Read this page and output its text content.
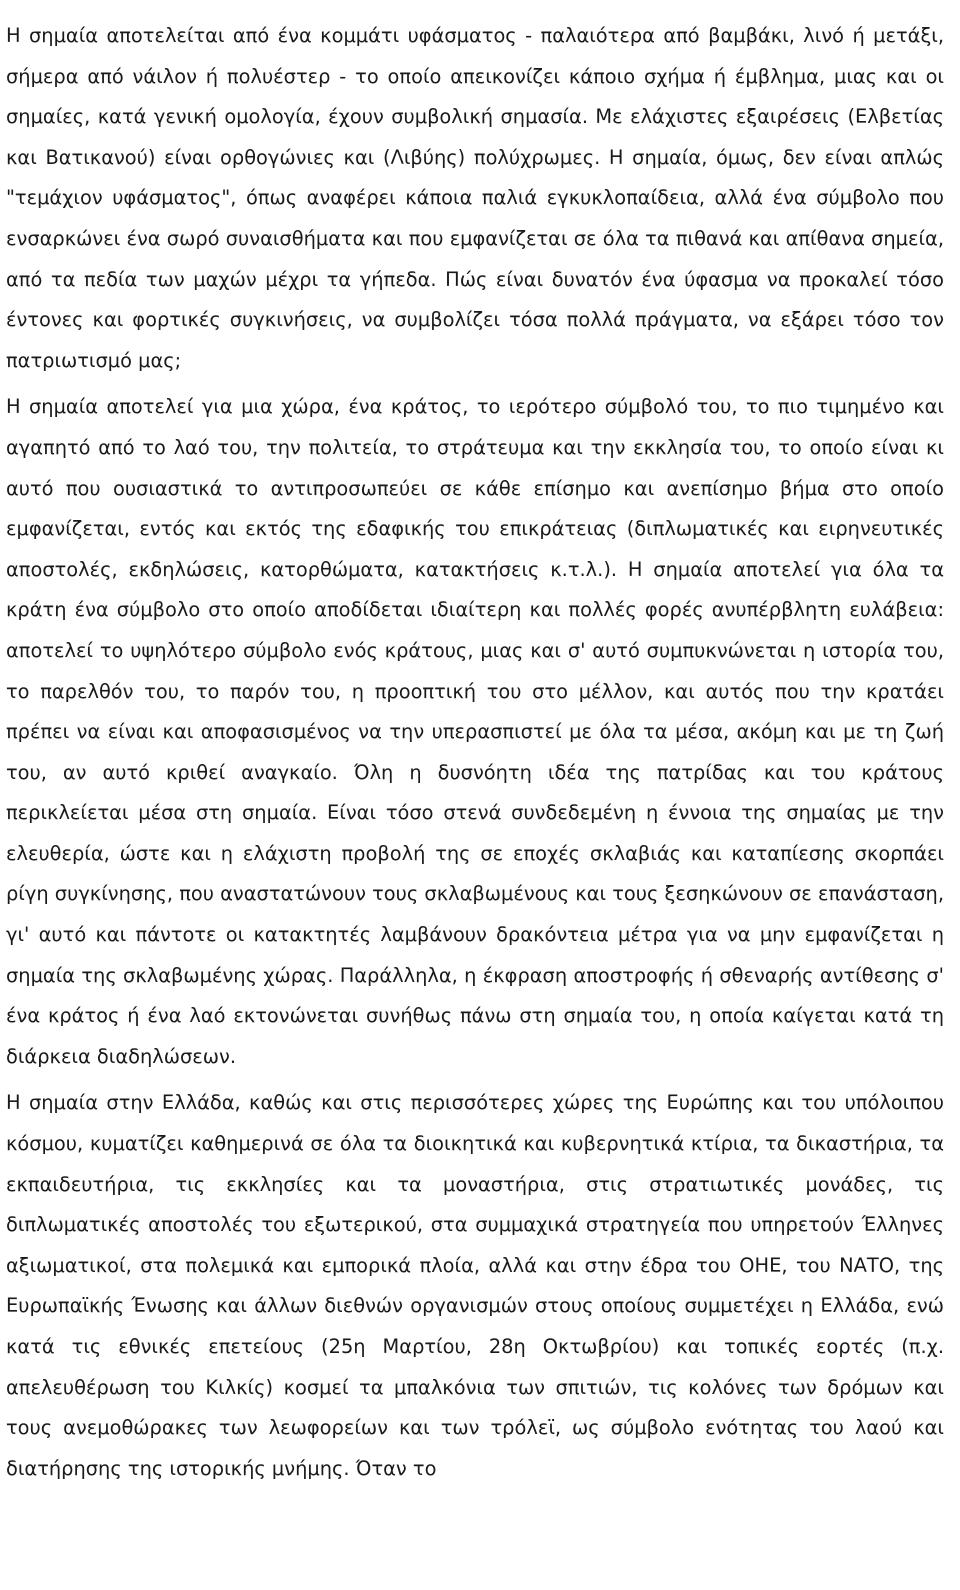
Η σημαία αποτελείται από ένα κομμάτι υφάσματος - παλαιότερα από βαμβάκι, λινό ή μετάξι, σήμερα από νάιλον ή πολυέστερ - το οποίο απεικονίζει κάποιο σχήμα ή έμβλημα, μιας και οι σημαίες, κατά γενική ομολογία, έχουν συμβολική σημασία. Με ελάχιστες εξαιρέσεις (Ελβετίας και Βατικανού) είναι ορθογώνιες και (Λιβύης) πολύχρωμες. Η σημαία, όμως, δεν είναι απλώς "τεμάχιον υφάσματος", όπως αναφέρει κάποια παλιά εγκυκλοπαίδεια, αλλά ένα σύμβολο που ενσαρκώνει ένα σωρό συναισθήματα και που εμφανίζεται σε όλα τα πιθανά και απίθανα σημεία, από τα πεδία των μαχών μέχρι τα γήπεδα. Πώς είναι δυνατόν ένα ύφασμα να προκαλεί τόσο έντονες και φορτικές συγκινήσεις, να συμβολίζει τόσα πολλά πράγματα, να εξάρει τόσο τον πατριωτισμό μας;

Η σημαία αποτελεί για μια χώρα, ένα κράτος, το ιερότερο σύμβολό του, το πιο τιμημένο και αγαπητό από το λαό του, την πολιτεία, το στράτευμα και την εκκλησία του, το οποίο είναι κι αυτό που ουσιαστικά το αντιπροσωπεύει σε κάθε επίσημο και ανεπίσημο βήμα στο οποίο εμφανίζεται, εντός και εκτός της εδαφικής του επικράτειας (διπλωματικές και ειρηνευτικές αποστολές, εκδηλώσεις, κατορθώματα, κατακτήσεις κ.τ.λ.). Η σημαία αποτελεί για όλα τα κράτη ένα σύμβολο στο οποίο αποδίδεται ιδιαίτερη και πολλές φορές ανυπέρβλητη ευλάβεια: αποτελεί το υψηλότερο σύμβολο ενός κράτους, μιας και σ' αυτό συμπυκνώνεται η ιστορία του, το παρελθόν του, το παρόν του, η προοπτική του στο μέλλον, και αυτός που την κρατάει πρέπει να είναι και αποφασισμένος να την υπερασπιστεί με όλα τα μέσα, ακόμη και με τη ζωή του, αν αυτό κριθεί αναγκαίο. Όλη η δυσνόητη ιδέα της πατρίδας και του κράτους περικλείεται μέσα στη σημαία. Είναι τόσο στενά συνδεδεμένη η έννοια της σημαίας με την ελευθερία, ώστε και η ελάχιστη προβολή της σε εποχές σκλαβιάς και καταπίεσης σκορπάει ρίγη συγκίνησης, που αναστατώνουν τους σκλαβωμένους και τους ξεσηκώνουν σε επανάσταση, γι' αυτό και πάντοτε οι κατακτητές λαμβάνουν δρακόντεια μέτρα για να μην εμφανίζεται η σημαία της σκλαβωμένης χώρας. Παράλληλα, η έκφραση αποστροφής ή σθεναρής αντίθεσης σ' ένα κράτος ή ένα λαό εκτονώνεται συνήθως πάνω στη σημαία του, η οποία καίγεται κατά τη διάρκεια διαδηλώσεων.

Η σημαία στην Ελλάδα, καθώς και στις περισσότερες χώρες της Ευρώπης και του υπόλοιπου κόσμου, κυματίζει καθημερινά σε όλα τα διοικητικά και κυβερνητικά κτίρια, τα δικαστήρια, τα εκπαιδευτήρια, τις εκκλησίες και τα μοναστήρια, στις στρατιωτικές μονάδες, τις διπλωματικές αποστολές του εξωτερικού, στα συμμαχικά στρατηγεία που υπηρετούν Έλληνες αξιωματικοί, στα πολεμικά και εμπορικά πλοία, αλλά και στην έδρα του ΟΗΕ, του ΝΑΤΟ, της Ευρωπαϊκής Ένωσης και άλλων διεθνών οργανισμών στους οποίους συμμετέχει η Ελλάδα, ενώ κατά τις εθνικές επετείους (25η Μαρτίου, 28η Οκτωβρίου) και τοπικές εορτές (π.χ. απελευθέρωση του Κιλκίς) κοσμεί τα μπαλκόνια των σπιτιών, τις κολόνες των δρόμων και τους ανεμοθώρακες των λεωφορείων και των τρόλεϊ, ως σύμβολο ενότητας του λαού και διατήρησης της ιστορικής μνήμης. Όταν το
